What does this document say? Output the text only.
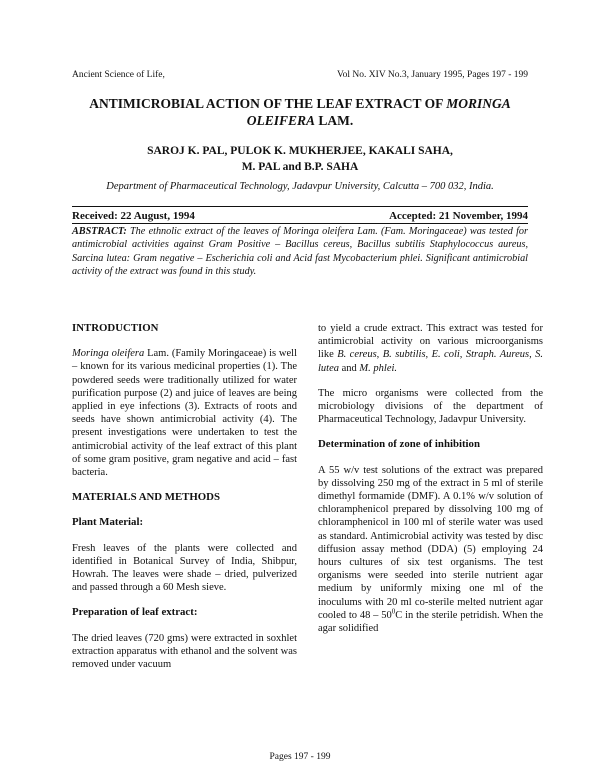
Ancient Science of Life,	Vol No. XIV No.3, January 1995, Pages 197 - 199
ANTIMICROBIAL ACTION OF THE LEAF EXTRACT OF MORINGA OLEIFERA LAM.
SAROJ K. PAL, PULOK K. MUKHERJEE, KAKALI SAHA,
M. PAL and B.P. SAHA
Department of Pharmaceutical Technology, Jadavpur University, Calcutta – 700 032, India.
Received: 22 August, 1994	Accepted: 21 November, 1994

ABSTRACT: The ethnolic extract of the leaves of Moringa oleifera Lam. (Fam. Moringaceae) was tested for antimicrobial activities against Gram Positive – Bacillus cereus, Bacillus subtilis Staphylococcus aureus, Sarcina lutea: Gram negative – Escherichia coli and Acid fast Mycobacterium phlei. Significant antimicrobial activity of the extract was found in this study.

INTRODUCTION

Moringa oleifera Lam. (Family Moringaceae) is well – known for its various medicinal properties (1). The powdered seeds were traditionally utilized for water purification purpose (2) and juice of leaves are being applied in eye infections (3). Extracts of roots and seeds have shown antimicrobial activity (4). The present investigations were undertaken to test the antimicrobial activity of the leaf extract of this plant of some gram positive, gram negative and acid – fast bacteria.

MATERIALS AND METHODS
Plant Material:

Fresh leaves of the plants were collected and identified in Botanical Survey of India, Shibpur, Howrah. The leaves were shade – dried, pulverized and passed through a 60 Mesh sieve.

Preparation of leaf extract:

The dried leaves (720 gms) were extracted in soxhlet extraction apparatus with ethanol and the solvent was removed under vacuum

to yield a crude extract. This extract was tested for antimicrobial activity on various microorganisms like B. cereus, B. subtilis, E. coli, Straph. Aureus, S. lutea and M. phlei.

The micro organisms were collected from the microbiology divisions of the department of Pharmaceutical Technology, Jadavpur University.

Determination of zone of inhibition

A 55 w/v test solutions of the extract was prepared by dissolving 250 mg of the extract in 5 ml of sterile dimethyl formamide (DMF). A 0.1% w/v solution of chloramphenicol prepared by dissolving 100 mg of chloramphenicol in 100 ml of sterile water was used as standard. Antimicrobial activity was tested by disc diffusion assay method (DDA) (5) employing 24 hours cultures of six test organisms. The test organisms were seeded into sterile nutrient agar medium by uniformly mixing one ml of the inoculums with 20 ml co-sterile melted nutrient agar cooled to $48 - 50^0C$ in the sterile petridish. When the agar solidified

Pages 197 - 199
